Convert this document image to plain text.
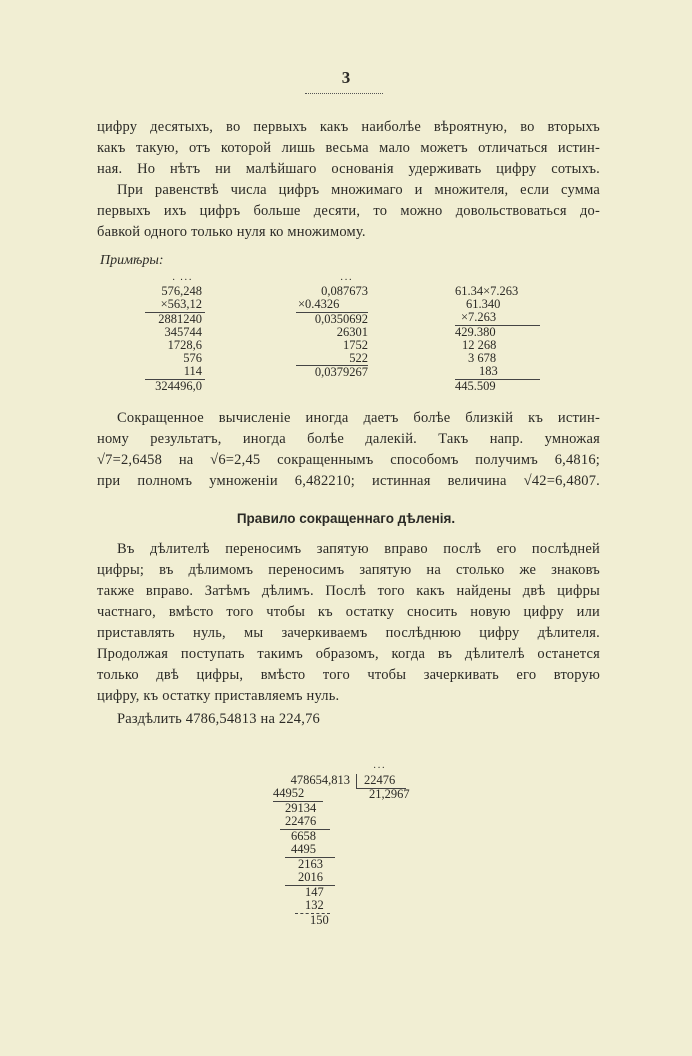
3
цифру десятыхъ, во первыхъ какъ наиболѣе вѣроятную, во вторыхъ
какъ такую, отъ которой лишь весьма мало можетъ отличаться истин-
ная. Но нѣтъ ни малѣйшаго основанія удерживать цифру сотыхъ.
При равенствѣ числа цифръ множимаго и множителя, если сумма
первыхъ ихъ цифръ больше десяти, то можно довольствоваться до-
бавкой одного только нуля ко множимому.
Примѣры:
· ···
576,248
×563,12
2881240
345744
1728,6
576
114
324496,0
···
0,087673
×0.4326
0,0350692
26301
1752
522
0,0379267
61.34×7.263
61.340
×7.263
429.380
12 268
3 678
183
445.509
Сокращенное вычисленіе иногда даетъ болѣе близкій къ истин-
ному результатъ, иногда болѣе далекій. Такъ напр. умножая
√7=2,6458 на √6=2,45 сокращеннымъ способомъ получимъ 6,4816;
при полномъ умноженіи 6,482210; истинная величина √42=6,4807.
Правило сокращеннаго дѣленія.
Въ дѣлителѣ переносимъ запятую вправо послѣ его послѣдней
цифры; въ дѣлимомъ переносимъ запятую на столько же знаковъ
также вправо. Затѣмъ дѣлимъ. Послѣ того какъ найдены двѣ цифры
частнаго, вмѣсто того чтобы къ остатку сносить новую цифру или
приставлять нуль, мы зачеркиваемъ послѣднюю цифру дѣлителя.
Продолжая поступать такимъ образомъ, когда въ дѣлителѣ останется
только двѣ цифры, вмѣсто того чтобы зачеркивать его вторую
цифру, къ остатку приставляемъ нуль.
Раздѣлить 4786,54813 на 224,76
···
478654,813 22476
21,2967
44952
29134
22476
6658
4495
2163
2016
147
132
150
